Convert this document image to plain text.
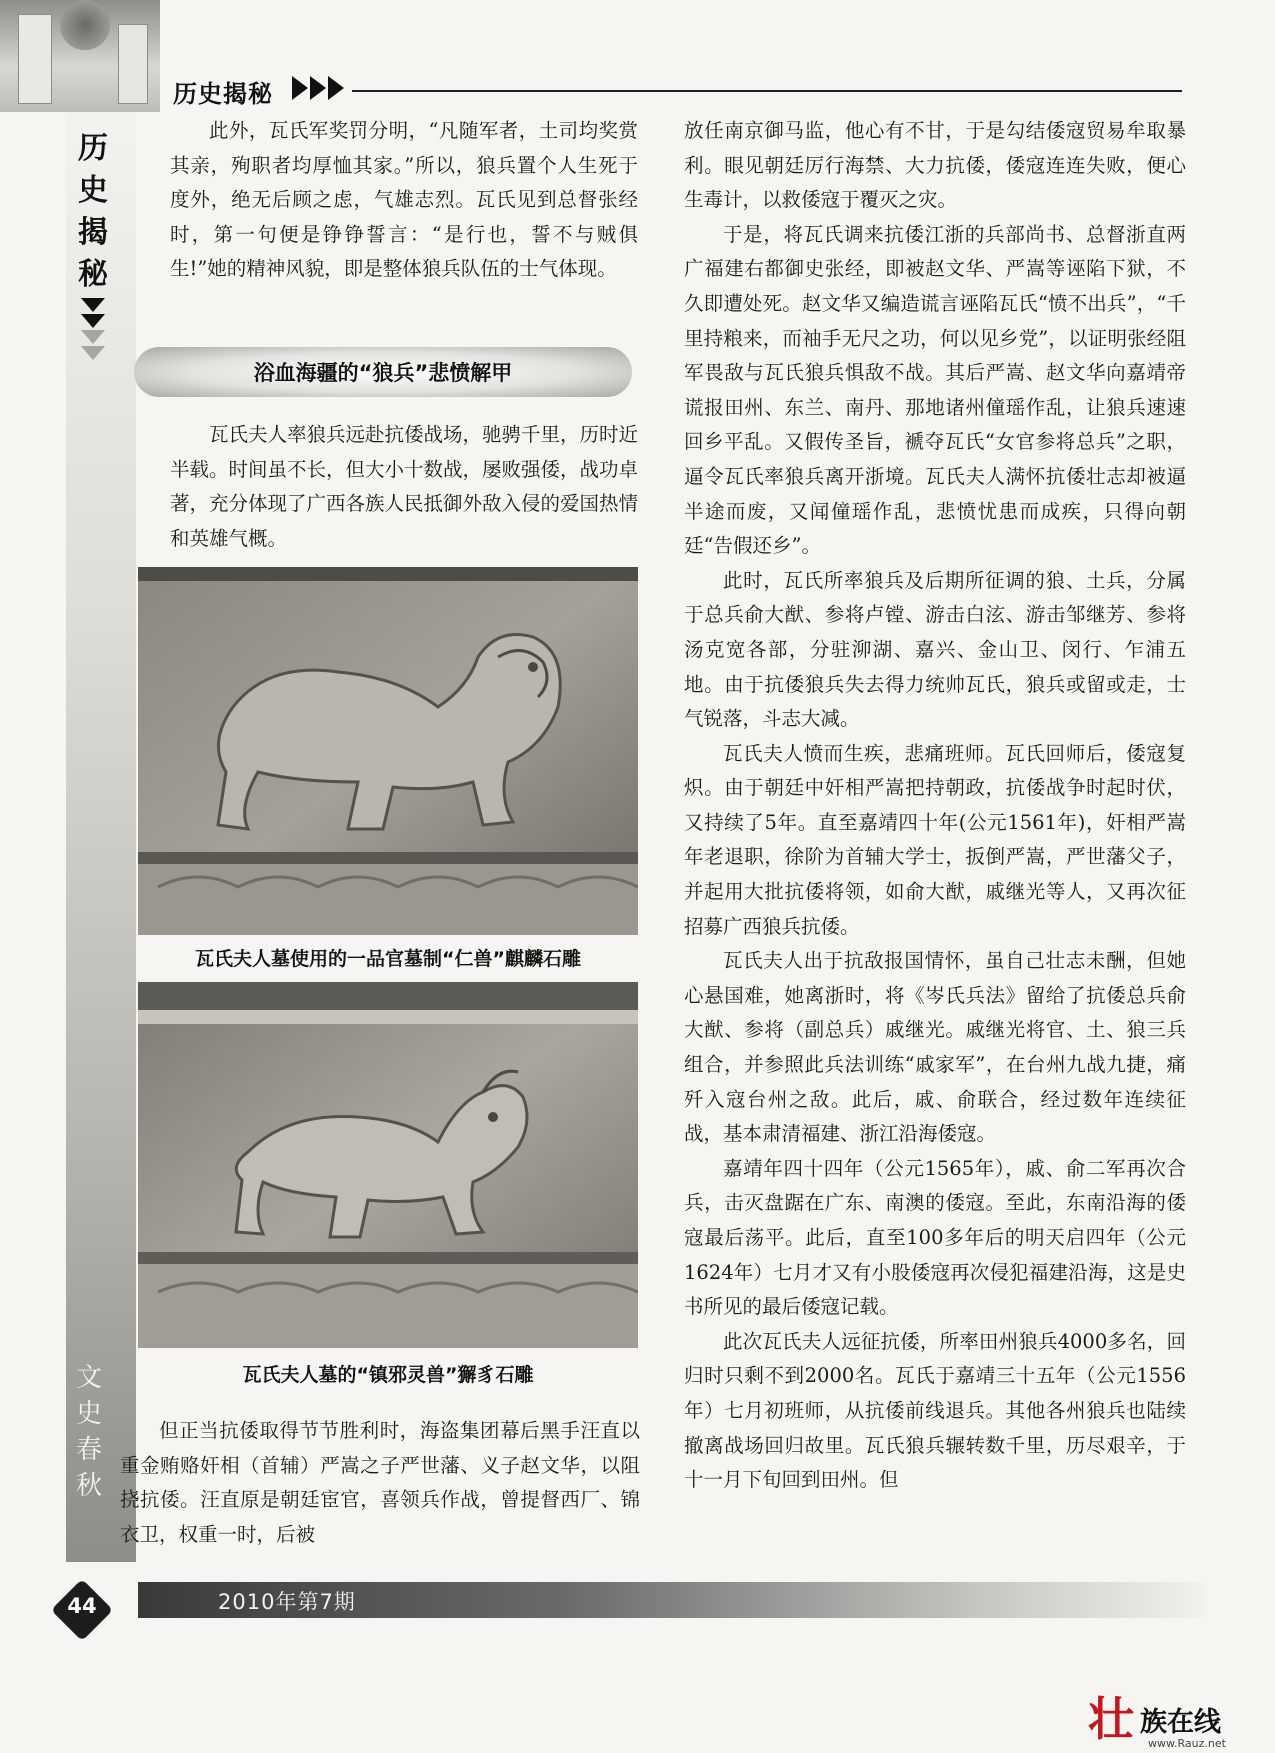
历史揭秘
历
史
揭
秘

此外，瓦氏军奖罚分明，“凡随军者，土司均奖赏其亲，殉职者均厚恤其家。”所以，狼兵置个人生死于度外，绝无后顾之虑，气雄志烈。瓦氏见到总督张经时，第一句便是铮铮誓言：“是行也，誓不与贼俱生!”她的精神风貌，即是整体狼兵队伍的士气体现。

浴血海疆的“狼兵”悲愤解甲

瓦氏夫人率狼兵远赴抗倭战场，驰骋千里，历时近半载。时间虽不长，但大小十数战，屡败强倭，战功卓著，充分体现了广西各族人民抵御外敌入侵的爱国热情和英雄气概。

瓦氏夫人墓使用的一品官墓制“仁兽”麒麟石雕
瓦氏夫人墓的“镇邪灵兽”獬豸石雕

但正当抗倭取得节节胜利时，海盗集团幕后黑手汪直以重金贿赂奸相（首辅）严嵩之子严世藩、义子赵文华，以阻挠抗倭。汪直原是朝廷宦官，喜领兵作战，曾提督西厂、锦衣卫，权重一时，后被

放任南京御马监，他心有不甘，于是勾结倭寇贸易牟取暴利。眼见朝廷厉行海禁、大力抗倭，倭寇连连失败，便心生毒计，以救倭寇于覆灭之灾。

于是，将瓦氏调来抗倭江浙的兵部尚书、总督浙直两广福建右都御史张经，即被赵文华、严嵩等诬陷下狱，不久即遭处死。赵文华又编造谎言诬陷瓦氏“愤不出兵”，“千里持粮来，而袖手无尺之功，何以见乡党”，以证明张经阻军畏敌与瓦氏狼兵惧敌不战。其后严嵩、赵文华向嘉靖帝谎报田州、东兰、南丹、那地诸州僮瑶作乱，让狼兵速速回乡平乱。又假传圣旨，褫夺瓦氏“女官参将总兵”之职，逼令瓦氏率狼兵离开浙境。瓦氏夫人满怀抗倭壮志却被逼半途而废，又闻僮瑶作乱，悲愤忧患而成疾，只得向朝廷“告假还乡”。

此时，瓦氏所率狼兵及后期所征调的狼、土兵，分属于总兵俞大猷、参将卢镗、游击白泫、游击邹继芳、参将汤克宽各部，分驻泖湖、嘉兴、金山卫、闵行、乍浦五地。由于抗倭狼兵失去得力统帅瓦氏，狼兵或留或走，士气锐落，斗志大减。

瓦氏夫人愤而生疾，悲痛班师。瓦氏回师后，倭寇复炽。由于朝廷中奸相严嵩把持朝政，抗倭战争时起时伏，又持续了5年。直至嘉靖四十年(公元1561年)，奸相严嵩年老退职，徐阶为首辅大学士，扳倒严嵩，严世藩父子，并起用大批抗倭将领，如俞大猷，戚继光等人，又再次征招募广西狼兵抗倭。

瓦氏夫人出于抗敌报国情怀，虽自己壮志未酬，但她心悬国难，她离浙时，将《岑氏兵法》留给了抗倭总兵俞大猷、参将（副总兵）戚继光。戚继光将官、土、狼三兵组合，并参照此兵法训练“戚家军”，在台州九战九捷，痛歼入寇台州之敌。此后，戚、俞联合，经过数年连续征战，基本肃清福建、浙江沿海倭寇。

嘉靖年四十四年（公元1565年），戚、俞二军再次合兵，击灭盘踞在广东、南澳的倭寇。至此，东南沿海的倭寇最后荡平。此后，直至100多年后的明天启四年（公元1624年）七月才又有小股倭寇再次侵犯福建沿海，这是史书所见的最后倭寇记载。

此次瓦氏夫人远征抗倭，所率田州狼兵4000多名，回归时只剩不到2000名。瓦氏于嘉靖三十五年（公元1556年）七月初班师，从抗倭前线退兵。其他各州狼兵也陆续撤离战场回归故里。瓦氏狼兵辗转数千里，历尽艰辛，于十一月下旬回到田州。但

文
史
春
秋
2010年第7期
44
壮 族在线
www.Rauz.net
